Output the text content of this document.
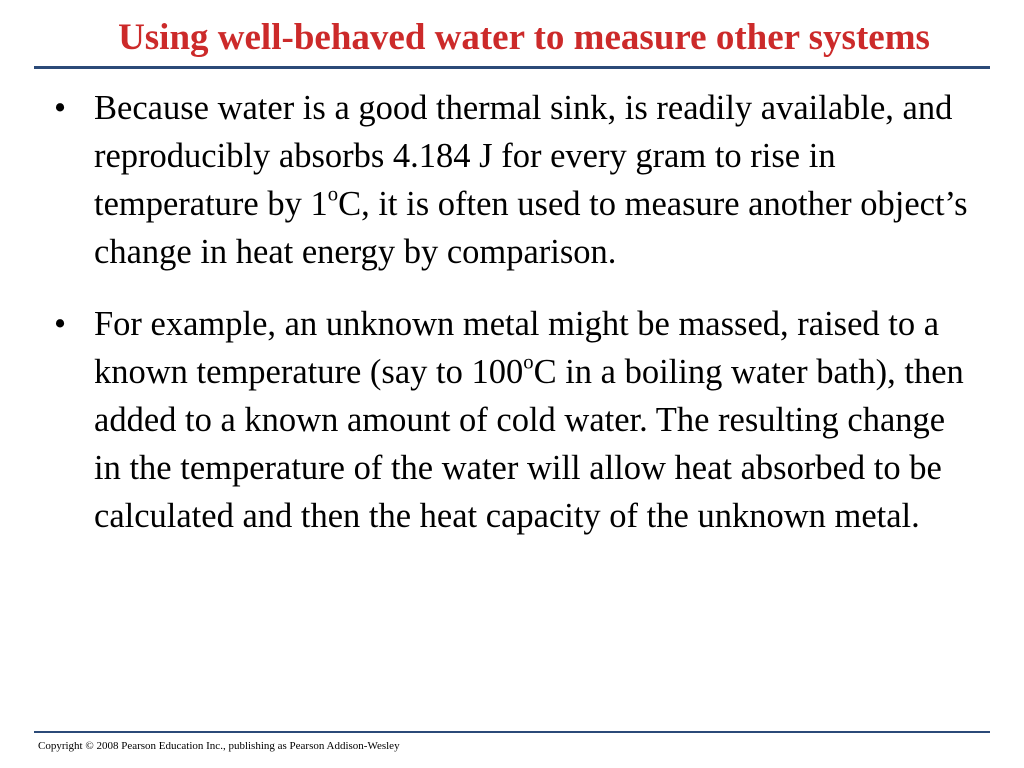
Using well-behaved water to measure other systems
• Because water is a good thermal sink, is readily available, and reproducibly absorbs 4.184 J for every gram to rise in temperature by 1$^o$C, it is often used to measure another object’s change in heat energy by comparison.
• For example, an unknown metal might be massed, raised to a known temperature (say to 100$^o$C in a boiling water bath), then added to a known amount of cold water. The resulting change in the temperature of the water will allow heat absorbed to be calculated and then the heat capacity of the unknown metal.
Copyright © 2008 Pearson Education Inc., publishing as Pearson Addison-Wesley
